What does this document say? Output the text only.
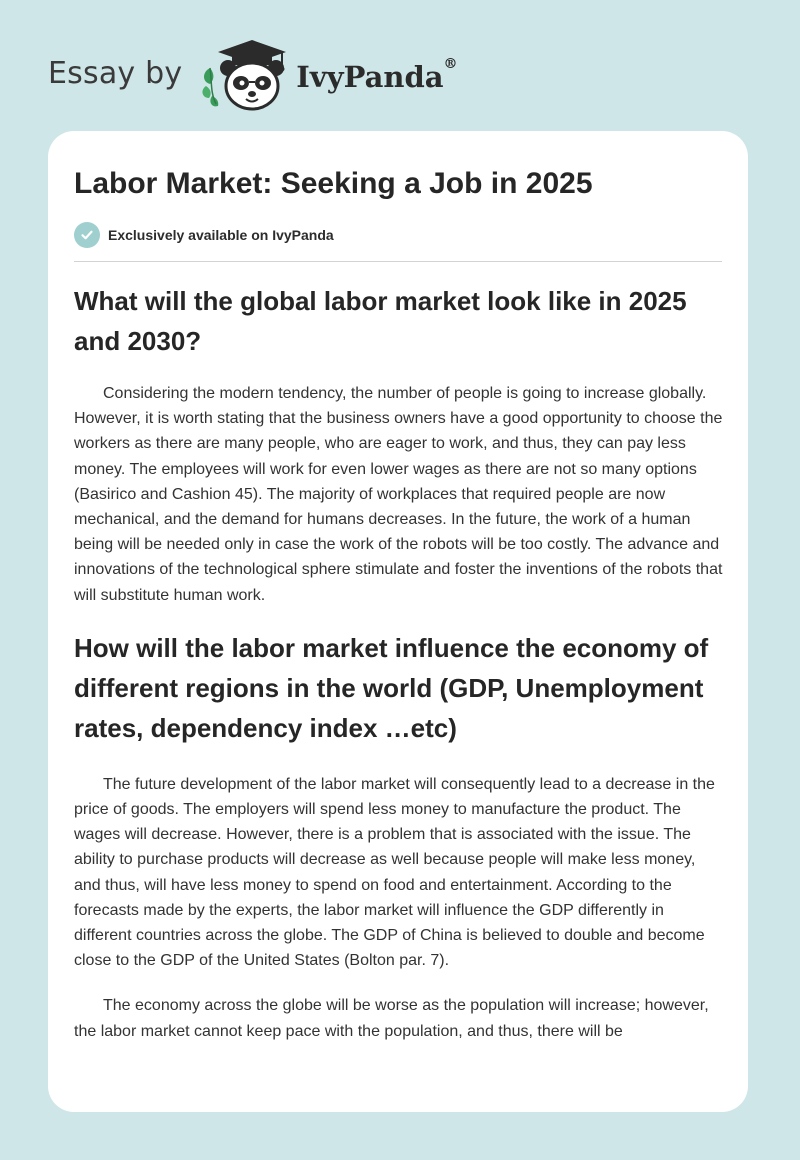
Essay by	IvyPanda®
Labor Market: Seeking a Job in 2025
Exclusively available on IvyPanda
What will the global labor market look like in 2025 and 2030?

Considering the modern tendency, the number of people is going to increase globally. However, it is worth stating that the business owners have a good opportunity to choose the workers as there are many people, who are eager to work, and thus, they can pay less money. The employees will work for even lower wages as there are not so many options (Basirico and Cashion 45). The majority of workplaces that required people are now mechanical, and the demand for humans decreases. In the future, the work of a human being will be needed only in case the work of the robots will be too costly. The advance and innovations of the technological sphere stimulate and foster the inventions of the robots that will substitute human work.

How will the labor market influence the economy of different regions in the world (GDP, Unemployment rates, dependency index …etc)

The future development of the labor market will consequently lead to a decrease in the price of goods. The employers will spend less money to manufacture the product. The wages will decrease. However, there is a problem that is associated with the issue. The ability to purchase products will decrease as well because people will make less money, and thus, will have less money to spend on food and entertainment. According to the forecasts made by the experts, the labor market will influence the GDP differently in different countries across the globe. The GDP of China is believed to double and become close to the GDP of the United States (Bolton par. 7).

The economy across the globe will be worse as the population will increase; however, the labor market cannot keep pace with the population, and thus, there will be
